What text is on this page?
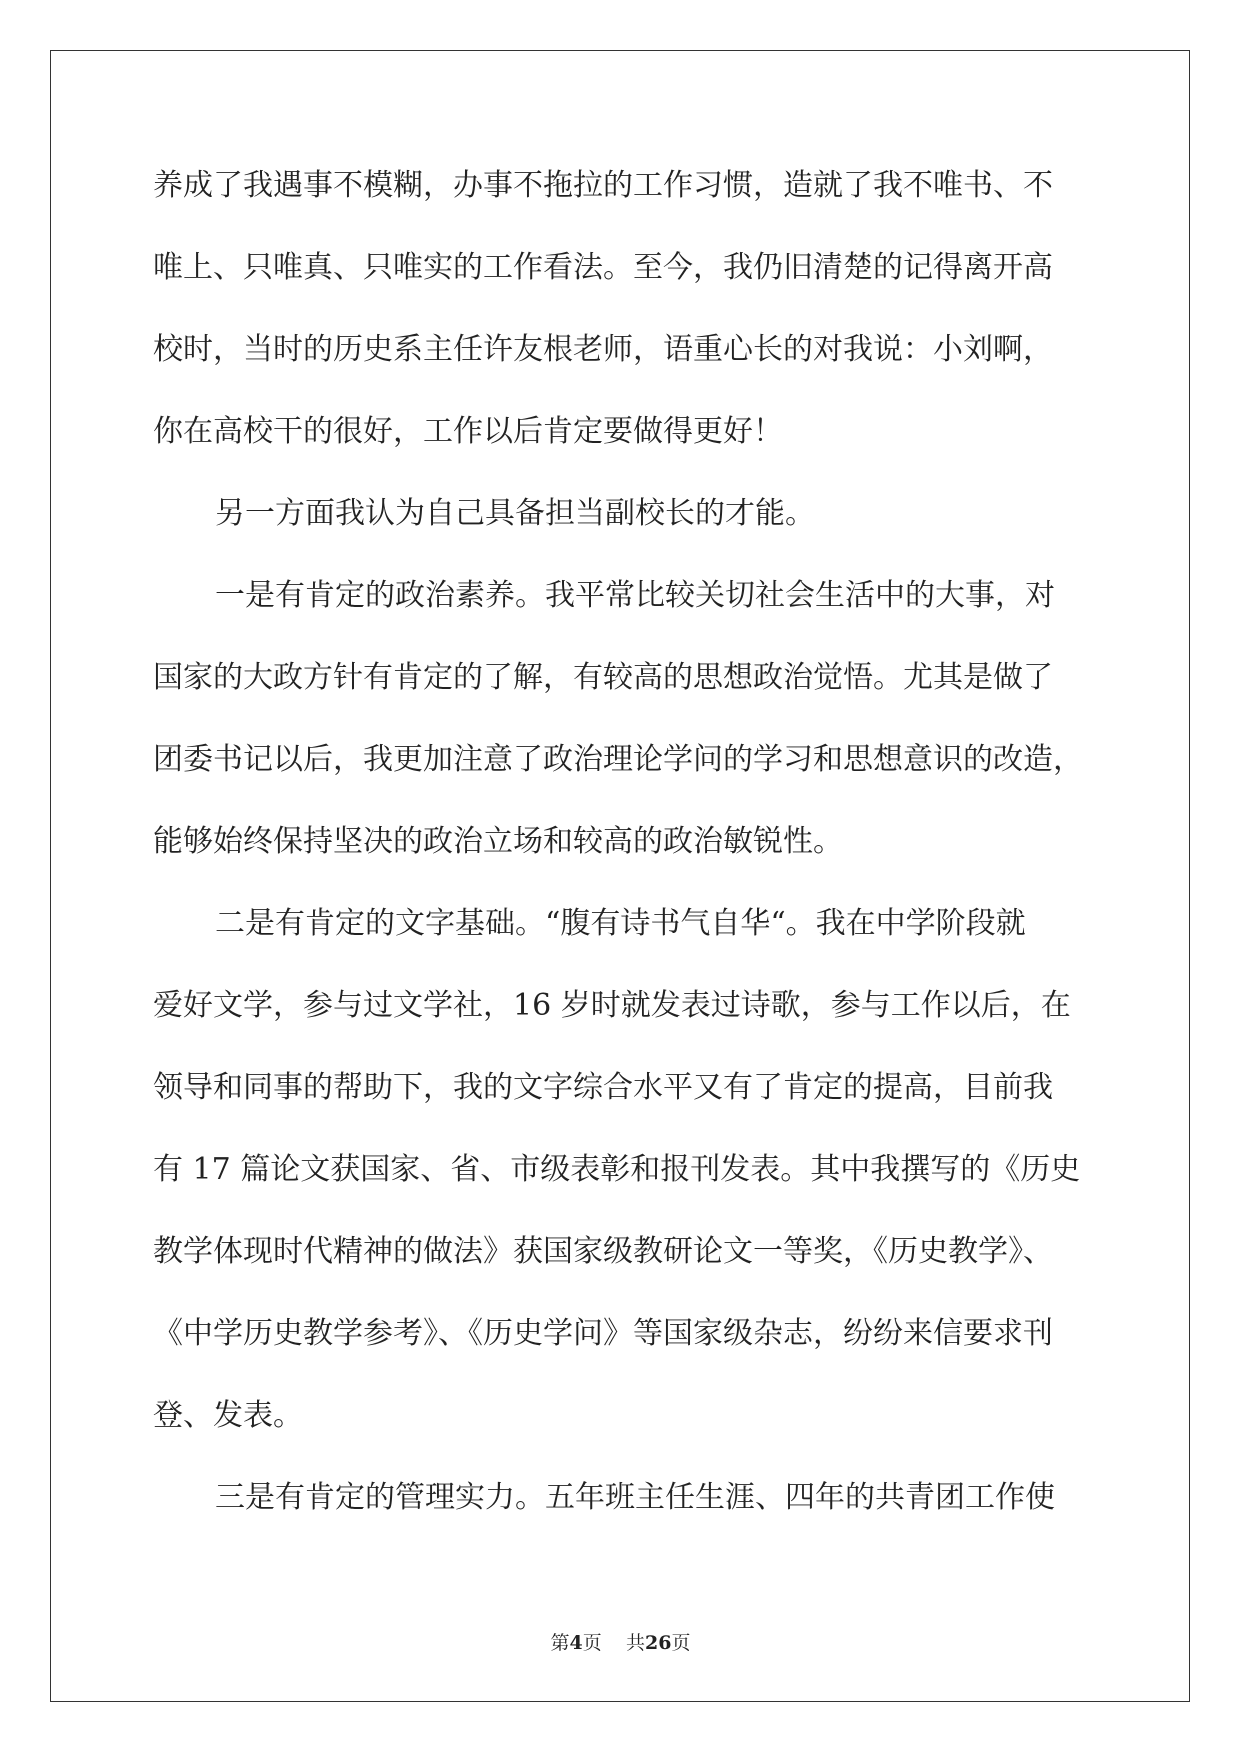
养成了我遇事不模糊，办事不拖拉的工作习惯，造就了我不唯书、不
唯上、只唯真、只唯实的工作看法。至今，我仍旧清楚的记得离开高
校时，当时的历史系主任许友根老师，语重心长的对我说：小刘啊，
你在高校干的很好，工作以后肯定要做得更好！
另一方面我认为自己具备担当副校长的才能。
一是有肯定的政治素养。我平常比较关切社会生活中的大事，对
国家的大政方针有肯定的了解，有较高的思想政治觉悟。尤其是做了
团委书记以后，我更加注意了政治理论学问的学习和思想意识的改造，
能够始终保持坚决的政治立场和较高的政治敏锐性。
二是有肯定的文字基础。“腹有诗书气自华“。我在中学阶段就
爱好文学，参与过文学社，16 岁时就发表过诗歌，参与工作以后，在
领导和同事的帮助下，我的文字综合水平又有了肯定的提高，目前我
有 17 篇论文获国家、省、市级表彰和报刊发表。其中我撰写的《历史
教学体现时代精神的做法》获国家级教研论文一等奖，《历史教学》、
《中学历史教学参考》、《历史学问》等国家级杂志，纷纷来信要求刊
登、发表。
三是有肯定的管理实力。五年班主任生涯、四年的共青团工作使
第4页 共26页
